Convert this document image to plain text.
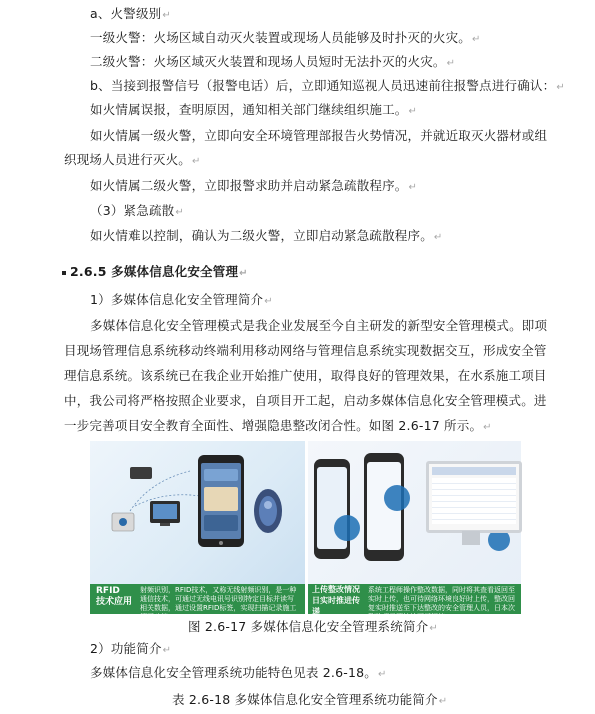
a、火警级别↵
一级火警：火场区域自动灭火装置或现场人员能够及时扑灭的火灾。↵
二级火警：火场区域灭火装置和现场人员短时无法扑灭的火灾。↵
b、当接到报警信号（报警电话）后，立即通知巡视人员迅速前往报警点进行确认：↵
如火情属误报，查明原因，通知相关部门继续组织施工。↵
如火情属一级火警，立即向安全环境管理部报告火势情况，并就近取灭火器材或组
织现场人员进行灭火。↵
如火情属二级火警，立即报警求助并启动紧急疏散程序。↵
（3）紧急疏散↵
如火情难以控制，确认为二级火警，立即启动紧急疏散程序。↵
2.6.5 多媒体信息化安全管理↵
1）多媒体信息化安全管理简介↵
多媒体信息化安全管理模式是我企业发展至今自主研发的新型安全管理模式。即项
目现场管理信息系统移动终端利用移动网络与管理信息系统实现数据交互，形成安全管
理信息系统。该系统已在我企业开始推广使用，取得良好的管理效果，在水系施工项目
中，我公司将严格按照企业要求，自项目开工起，启动多媒体信息化安全管理模式。进
一步完善项目安全教育全面性、增强隐患整改闭合性。如图 2.6-17 所示。↵
RFID
技术应用
射频识别，RFID技术，又称无线射频识别，是一种通信技术，可通过无线电讯号识别特定目标并读写相关数据，通过设置RFID标签，实现扫描记录施工耀区功能。
上传整改情况
日实时推进传递
系统工程师操作整改数据，同时将其查看返回至实时上传，也可待网络环境良好时上传，整改回复实时推送至下达整改的安全管理人员，日本次整改项目即持续更新汇编。
图 2.6-17 多媒体信息化安全管理系统简介↵
2）功能简介↵
多媒体信息化安全管理系统功能特色见表 2.6-18。↵
表 2.6-18 多媒体信息化安全管理系统功能简介↵
